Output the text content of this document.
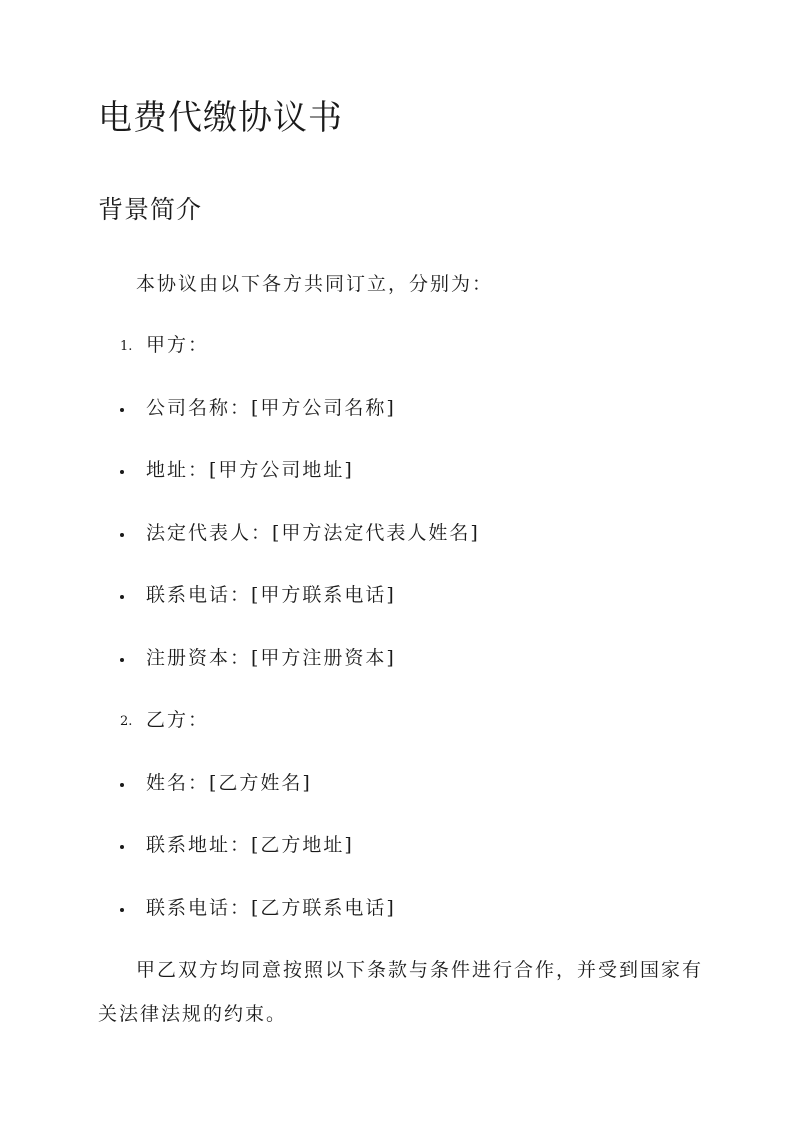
电费代缴协议书
背景简介
本协议由以下各方共同订立，分别为：
1. 甲方：
公司名称：[甲方公司名称]
地址：[甲方公司地址]
法定代表人：[甲方法定代表人姓名]
联系电话：[甲方联系电话]
注册资本：[甲方注册资本]
2. 乙方：
姓名：[乙方姓名]
联系地址：[乙方地址]
联系电话：[乙方联系电话]
甲乙双方均同意按照以下条款与条件进行合作，并受到国家有
关法律法规的约束。
